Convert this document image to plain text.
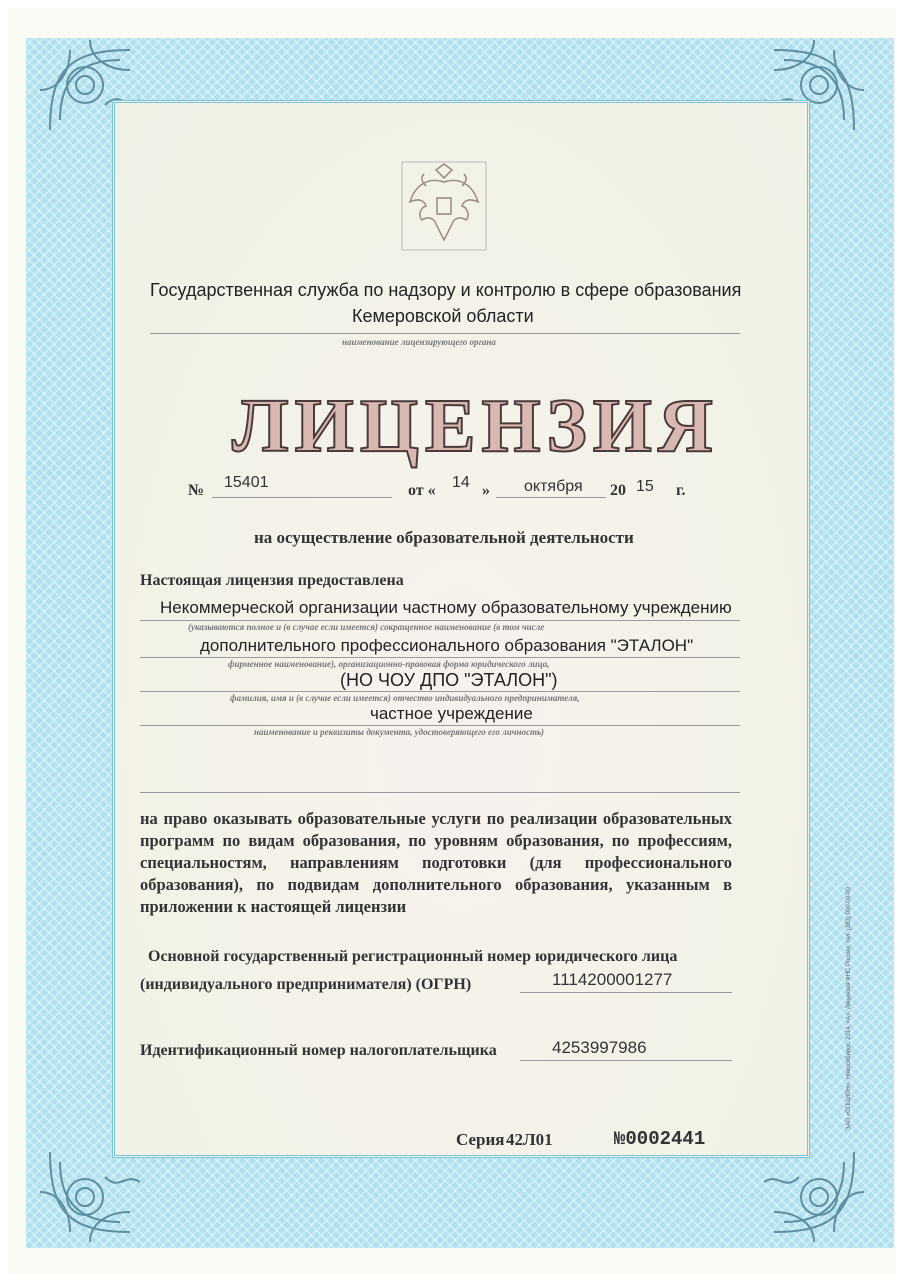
Государственная служба по надзору и контролю в сфере образования
Кемеровской области
наименование лицензирующего органа
ЛИЦЕНЗИЯ
№ 15401	от « 14 » октября 20 15 г.
на осуществление образовательной деятельности
Настоящая лицензия предоставлена
Некоммерческой организации частному образовательному учреждению
(указываются полное и (в случае если имеется) сокращенное наименование (в том числе
дополнительного профессионального образования "ЭТАЛОН"
фирменное наименование), организационно-правовая форма юридического лица,
(НО ЧОУ ДПО "ЭТАЛОН")
фамилия, имя и (в случае если имеется) отчество индивидуального предпринимателя,
частное учреждение
наименование и реквизиты документа, удостоверяющего его личность)
на право оказывать образовательные услуги по реализации образовательных программ по видам образования, по уровням образования, по профессиям, специальностям, направлениям подготовки (для профессионального образования), по подвидам дополнительного образования, указанным в приложении к настоящей лицензии
Основной государственный регистрационный номер юридического лица
(индивидуального предпринимателя) (ОГРН)	1114200001277
Идентификационный номер налогоплательщика	4253997986
Серия 42Л01	№0002441
ЗАО «ОПЦИОН», Новосибирск, 2014, «А», Лицензия ФНС России, тел. (383) 000-00-00
